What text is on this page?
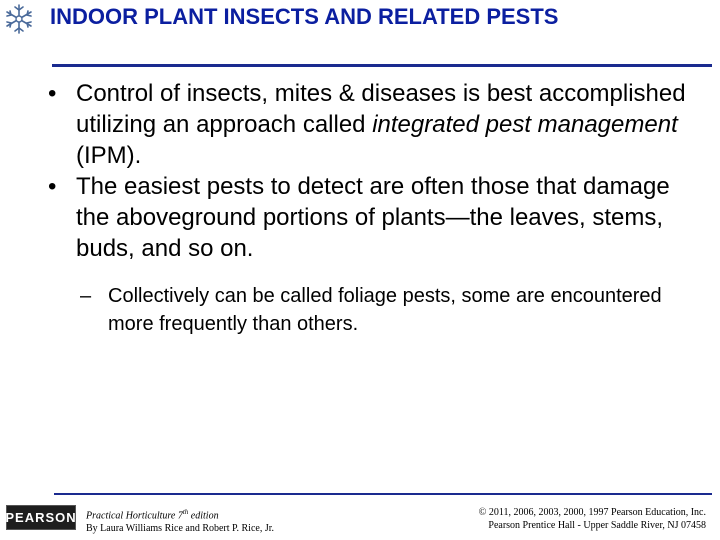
INDOOR PLANT INSECTS AND RELATED PESTS

• Control of insects, mites & diseases is best accomplished utilizing an approach called integrated pest management (IPM).

• The easiest pests to detect are often those that damage the aboveground portions of plants—the leaves, stems, buds, and so on.

– Collectively can be called foliage pests, some are encountered more frequently than others.

PEARSON Practical Horticulture 7th edition
By Laura Williams Rice and Robert P. Rice, Jr.
© 2011, 2006, 2003, 2000, 1997 Pearson Education, Inc.
Pearson Prentice Hall - Upper Saddle River, NJ 07458
